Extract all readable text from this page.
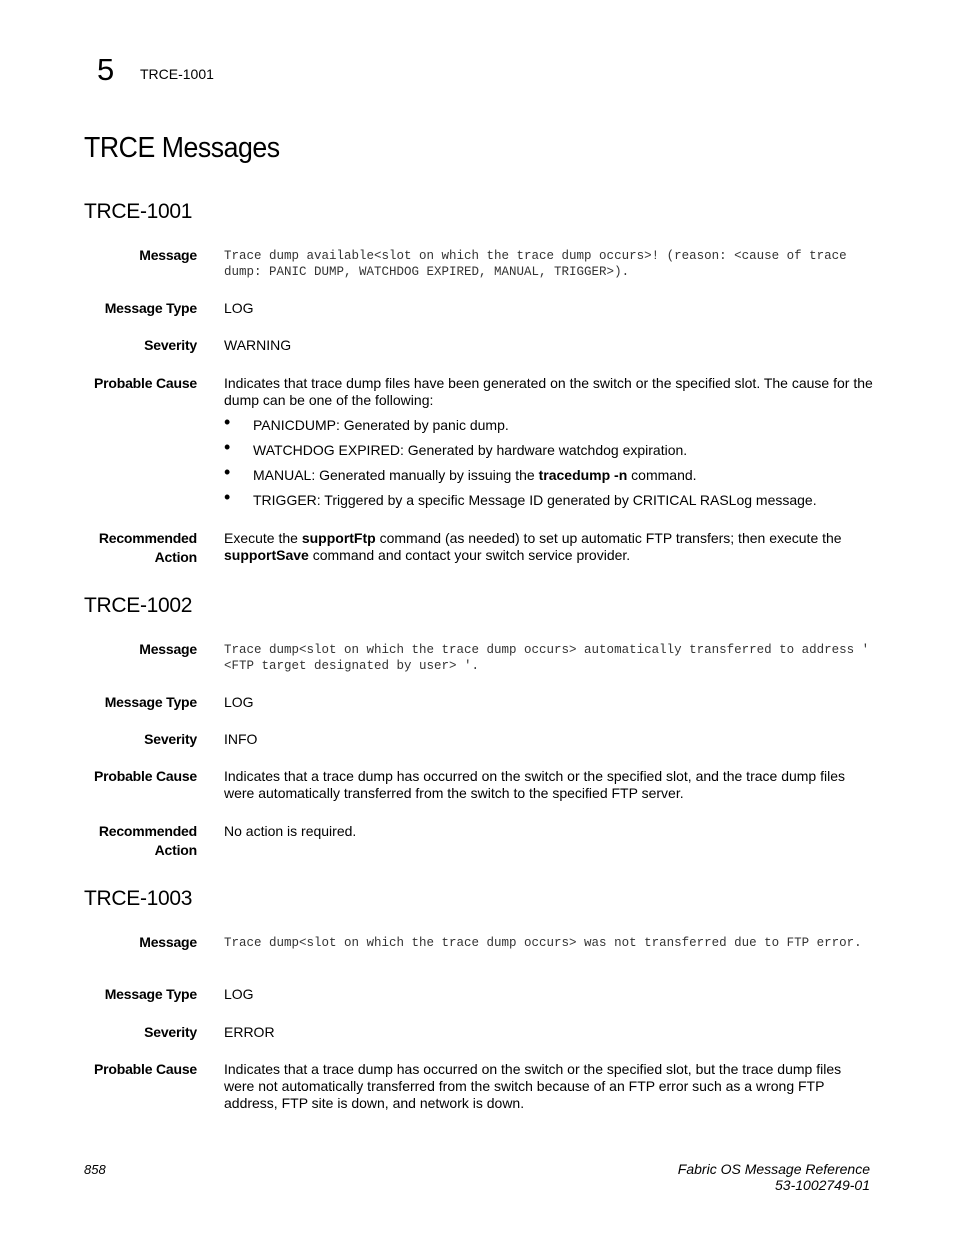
5 TRCE-1001
TRCE Messages
TRCE-1001
Message Trace dump available<slot on which the trace dump occurs>! (reason: <cause of trace dump: PANIC DUMP, WATCHDOG EXPIRED, MANUAL, TRIGGER>).
Message Type LOG
Severity WARNING
Probable Cause Indicates that trace dump files have been generated on the switch or the specified slot. The cause for the dump can be one of the following:
• PANICDUMP: Generated by panic dump.
• WATCHDOG EXPIRED: Generated by hardware watchdog expiration.
• MANUAL: Generated manually by issuing the tracedump -n command.
• TRIGGER: Triggered by a specific Message ID generated by CRITICAL RASLog message.
Recommended
Action
Execute the supportFtp command (as needed) to set up automatic FTP transfers; then execute the supportSave command and contact your switch service provider.
TRCE-1002
Message Trace dump<slot on which the trace dump occurs> automatically transferred to address ' <FTP target designated by user> '.
Message Type LOG
Severity INFO
Probable Cause Indicates that a trace dump has occurred on the switch or the specified slot, and the trace dump files were automatically transferred from the switch to the specified FTP server.
Recommended
Action
No action is required.
TRCE-1003
Message Trace dump<slot on which the trace dump occurs> was not transferred due to FTP error.
Message Type LOG
Severity ERROR
Probable Cause Indicates that a trace dump has occurred on the switch or the specified slot, but the trace dump files were not automatically transferred from the switch because of an FTP error such as a wrong FTP address, FTP site is down, and network is down.
858	Fabric OS Message Reference
53-1002749-01
